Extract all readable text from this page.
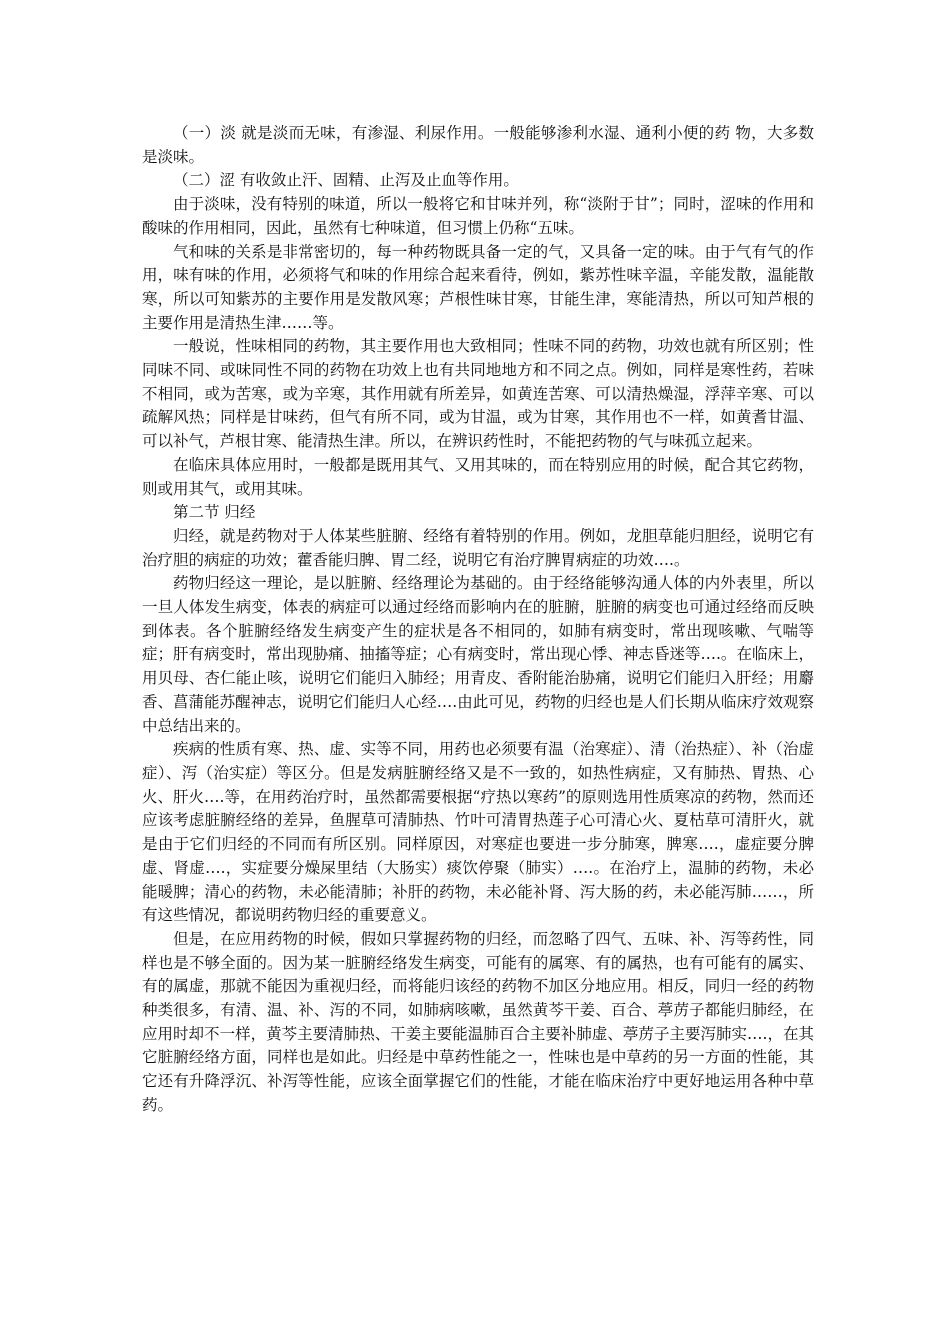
（一）淡 就是淡而无味，有渗湿、利尿作用。一般能够渗利水湿、通利小便的药 物，大多数是淡味。

（二）涩 有收敛止汗、固精、止泻及止血等作用。

由于淡味，没有特别的味道，所以一般将它和甘味并列，称“淡附于甘”；同时，涩味的作用和酸味的作用相同，因此，虽然有七种味道，但习惯上仍称“五味。

气和味的关系是非常密切的，每一种药物既具备一定的气，又具备一定的味。由于气有气的作用，味有味的作用，必须将气和味的作用综合起来看待，例如，紫苏性味辛温，辛能发散，温能散寒，所以可知紫苏的主要作用是发散风寒；芦根性味甘寒，甘能生津，寒能清热，所以可知芦根的主要作用是清热生津……等。

一般说，性味相同的药物，其主要作用也大致相同；性味不同的药物，功效也就有所区别；性同味不同、或味同性不同的药物在功效上也有共同地地方和不同之点。例如，同样是寒性药，若味不相同，或为苦寒，或为辛寒，其作用就有所差异，如黄连苦寒、可以清热燥湿，浮萍辛寒、可以疏解风热；同样是甘味药，但气有所不同，或为甘温，或为甘寒，其作用也不一样，如黄耆甘温、可以补气，芦根甘寒、能清热生津。所以，在辨识药性时，不能把药物的气与味孤立起来。

在临床具体应用时，一般都是既用其气、又用其味的，而在特别应用的时候，配合其它药物，则或用其气，或用其味。

第二节 归经

归经，就是药物对于人体某些脏腑、经络有着特别的作用。例如，龙胆草能归胆经，说明它有治疗胆的病症的功效；藿香能归脾、胃二经，说明它有治疗脾胃病症的功效….。

药物归经这一理论，是以脏腑、经络理论为基础的。由于经络能够沟通人体的内外表里，所以一旦人体发生病变，体表的病症可以通过经络而影响内在的脏腑，脏腑的病变也可通过经络而反映到体表。各个脏腑经络发生病变产生的症状是各不相同的，如肺有病变时，常出现咳嗽、气喘等症；肝有病变时，常出现胁痛、抽搐等症；心有病变时，常出现心悸、神志昏迷等….。在临床上，用贝母、杏仁能止咳，说明它们能归入肺经；用青皮、香附能治胁痛，说明它们能归入肝经；用麝香、菖蒲能苏醒神志，说明它们能归人心经….由此可见，药物的归经也是人们长期从临床疗效观察中总结出来的。

疾病的性质有寒、热、虚、实等不同，用药也必须要有温（治寒症）、清（治热症）、补（治虚症）、泻（治实症）等区分。但是发病脏腑经络又是不一致的，如热性病症，又有肺热、胃热、心火、肝火….等，在用药治疗时，虽然都需要根据“疗热以寒药”的原则选用性质寒凉的药物，然而还应该考虑脏腑经络的差异，鱼腥草可清肺热、竹叶可清胃热莲子心可清心火、夏枯草可清肝火，就是由于它们归经的不同而有所区别。同样原因，对寒症也要进一步分肺寒，脾寒….，虚症要分脾虚、肾虚….，实症要分燥屎里结（大肠实）痰饮停聚（肺实）….。在治疗上，温肺的药物，未必能暖脾；清心的药物，未必能清肺；补肝的药物，未必能补肾、泻大肠的药，未必能泻肺……，所有这些情况，都说明药物归经的重要意义。

但是，在应用药物的时候，假如只掌握药物的归经，而忽略了四气、五味、补、泻等药性，同样也是不够全面的。因为某一脏腑经络发生病变，可能有的属寒、有的属热，也有可能有的属实、有的属虚，那就不能因为重视归经，而将能归该经的药物不加区分地应用。相反，同归一经的药物种类很多，有清、温、补、泻的不同，如肺病咳嗽，虽然黄芩干姜、百合、葶苈子都能归肺经，在应用时却不一样，黄芩主要清肺热、干姜主要能温肺百合主要补肺虚、葶苈子主要泻肺实….，在其它脏腑经络方面，同样也是如此。归经是中草药性能之一，性味也是中草药的另一方面的性能，其它还有升降浮沉、补泻等性能，应该全面掌握它们的性能，才能在临床治疗中更好地运用各种中草药。
